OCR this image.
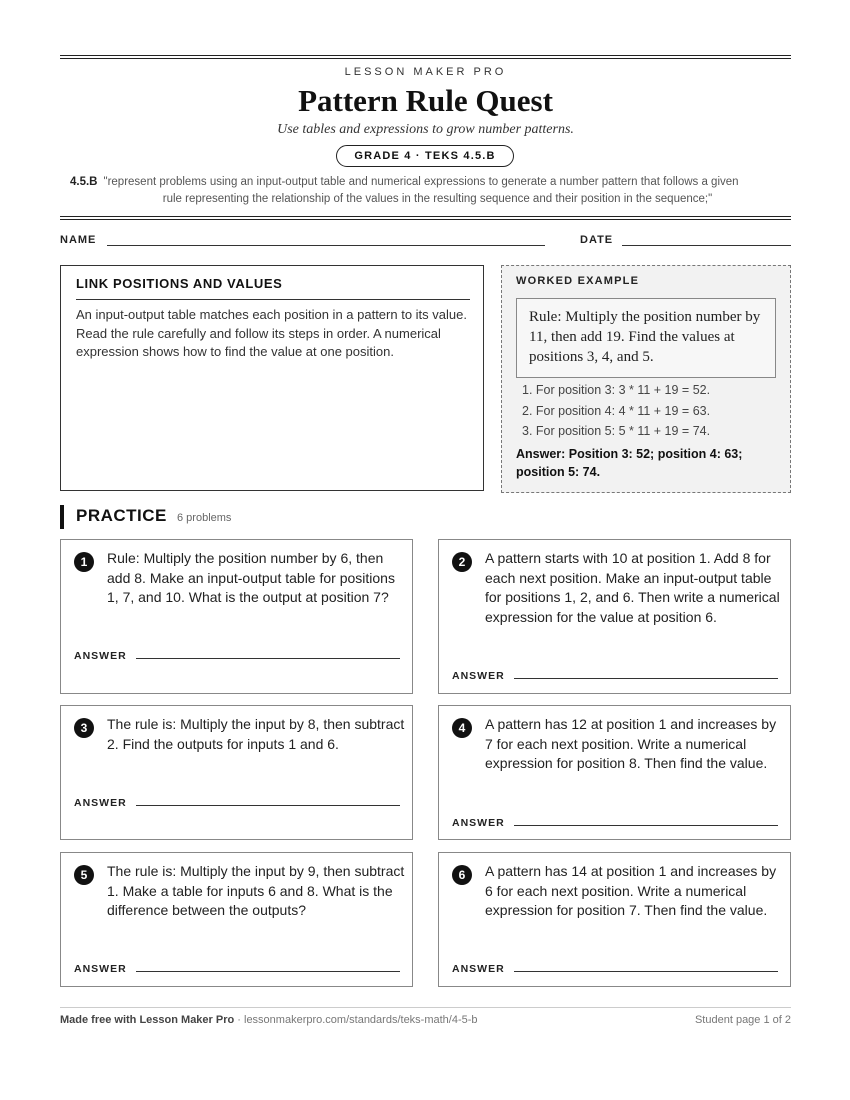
LESSON MAKER PRO
Pattern Rule Quest
Use tables and expressions to grow number patterns.
GRADE 4 · TEKS 4.5.B
4.5.B "represent problems using an input-output table and numerical expressions to generate a number pattern that follows a given
rule representing the relationship of the values in the resulting sequence and their position in the sequence;"
NAME	DATE
LINK POSITIONS AND VALUES
An input-output table matches each position in a pattern to its value. Read the rule carefully and follow its steps in order. A numerical expression shows how to find the value at one position.
WORKED EXAMPLE
Rule: Multiply the position number by 11, then add 19. Find the values at positions 3, 4, and 5.
1. For position 3: 3 * 11 + 19 = 52.
2. For position 4: 4 * 11 + 19 = 63.
3. For position 5: 5 * 11 + 19 = 74.
Answer: Position 3: 52; position 4: 63; position 5: 74.
PRACTICE 6 problems
1	Rule: Multiply the position number by 6, then add 8. Make an input-output table for positions 1, 7, and 10. What is the output at position 7?
ANSWER
2	A pattern starts with 10 at position 1. Add 8 for each next position. Make an input-output table for positions 1, 2, and 6. Then write a numerical expression for the value at position 6.
ANSWER
3	The rule is: Multiply the input by 8, then subtract 2. Find the outputs for inputs 1 and 6.
ANSWER
4	A pattern has 12 at position 1 and increases by 7 for each next position. Write a numerical expression for position 8. Then find the value.
ANSWER
5	The rule is: Multiply the input by 9, then subtract 1. Make a table for inputs 6 and 8. What is the difference between the outputs?
ANSWER
6	A pattern has 14 at position 1 and increases by 6 for each next position. Write a numerical expression for position 7. Then find the value.
ANSWER
Made free with Lesson Maker Pro · lessonmakerpro.com/standards/teks-math/4-5-b	Student page 1 of 2
